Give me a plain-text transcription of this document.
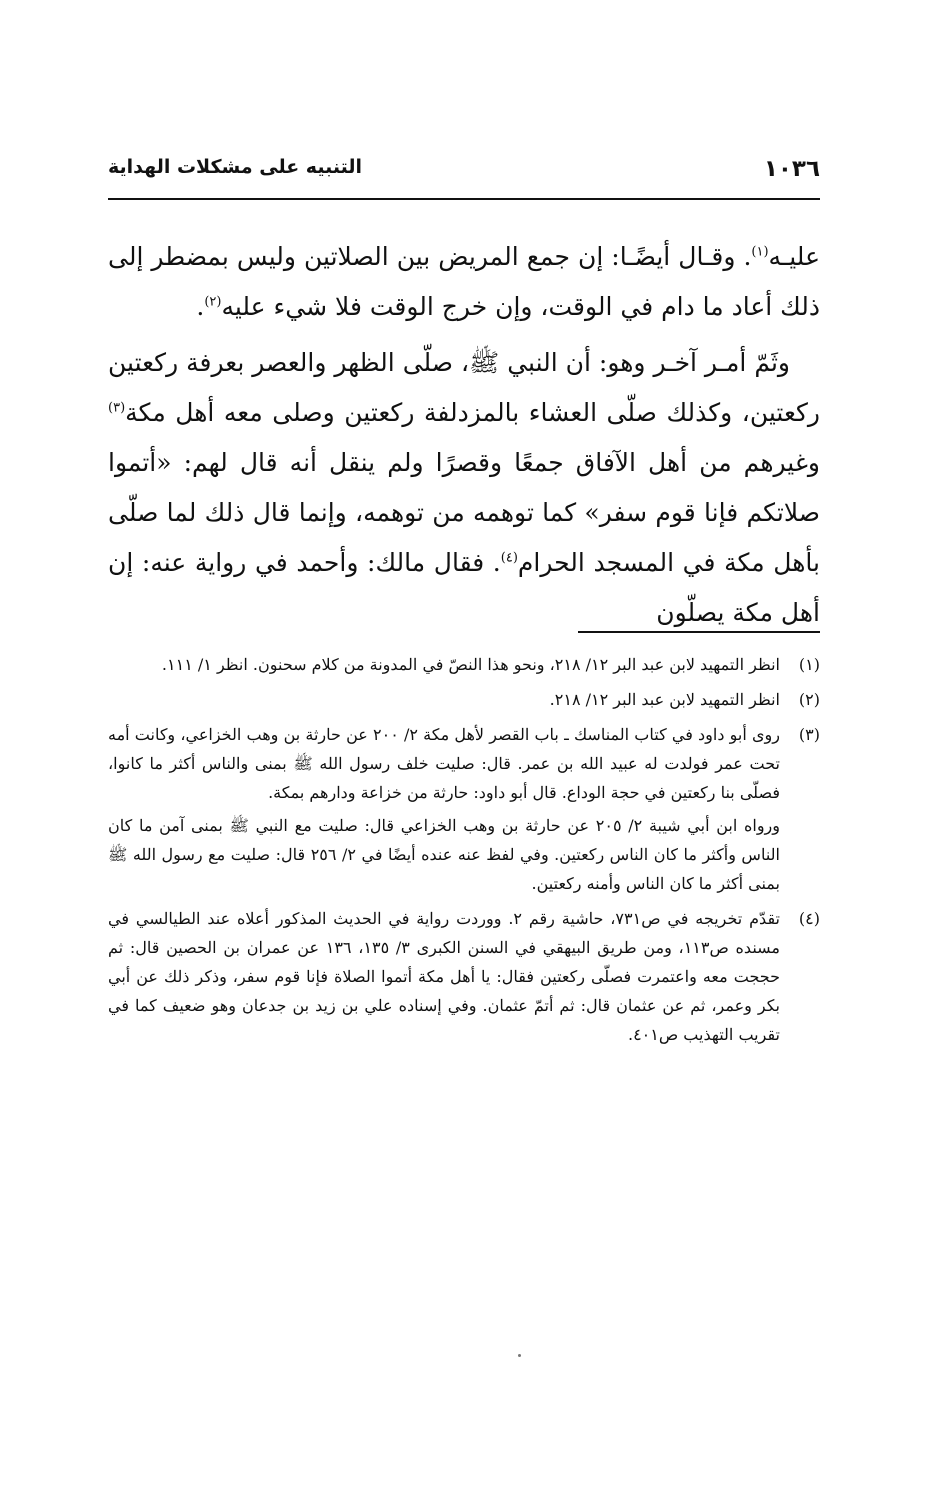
١٠٣٦
التنبيه على مشكلات الهداية

عليـه$^{(١)}$. وقـال أيضًـا: إن جمع المريض بين الصلاتين وليس بمضطر إلى ذلك أعاد ما دام في الوقت، وإن خرج الوقت فلا شيء عليه$^{(٢)}$.

وثَمّ أمـر آخـر وهو: أن النبي ﷺ، صلّى الظهر والعصر بعرفة ركعتين ركعتين، وكذلك صلّى العشاء بالمزدلفة ركعتين وصلى معه أهل مكة$^{(٣)}$ وغيرهم من أهل الآفاق جمعًا وقصرًا ولم ينقل أنه قال لهم: «أتموا صلاتكم فإنا قوم سفر» كما توهمه من توهمه، وإنما قال ذلك لما صلّى بأهل مكة في المسجد الحرام$^{(٤)}$. فقال مالك: وأحمد في رواية عنه: إن أهل مكة يصلّون

(١)

انظر التمهيد لابن عبد البر ١٢/ ٢١٨، ونحو هذا النصّ في المدونة من كلام سحنون. انظر ١/ ١١١.

(٢)

انظر التمهيد لابن عبد البر ١٢/ ٢١٨.

(٣)

روى أبو داود في كتاب المناسك ـ باب القصر لأهل مكة ٢/ ٢٠٠ عن حارثة بن وهب الخزاعي، وكانت أمه تحت عمر فولدت له عبيد الله بن عمر. قال: صليت خلف رسول الله ﷺ بمنى والناس أكثر ما كانوا، فصلّى بنا ركعتين في حجة الوداع. قال أبو داود: حارثة من خزاعة ودارهم بمكة.

ورواه ابن أبي شيبة ٢/ ٢٠٥ عن حارثة بن وهب الخزاعي قال: صليت مع النبي ﷺ بمنى آمن ما كان الناس وأكثر ما كان الناس ركعتين. وفي لفظ عنه عنده أيضًا في ٢/ ٢٥٦ قال: صليت مع رسول الله ﷺ بمنى أكثر ما كان الناس وأمنه ركعتين.

(٤)

تقدّم تخريجه في ص٧٣١، حاشية رقم ٢. ووردت رواية في الحديث المذكور أعلاه عند الطيالسي في مسنده ص١١٣، ومن طريق البيهقي في السنن الكبرى ٣/ ١٣٥، ١٣٦ عن عمران بن الحصين قال: ثم حججت معه واعتمرت فصلّى ركعتين فقال: يا أهل مكة أتموا الصلاة فإنا قوم سفر، وذكر ذلك عن أبي بكر وعمر، ثم عن عثمان قال: ثم أتمّ عثمان. وفي إسناده علي بن زيد بن جدعان وهو ضعيف كما في تقريب التهذيب ص٤٠١.
